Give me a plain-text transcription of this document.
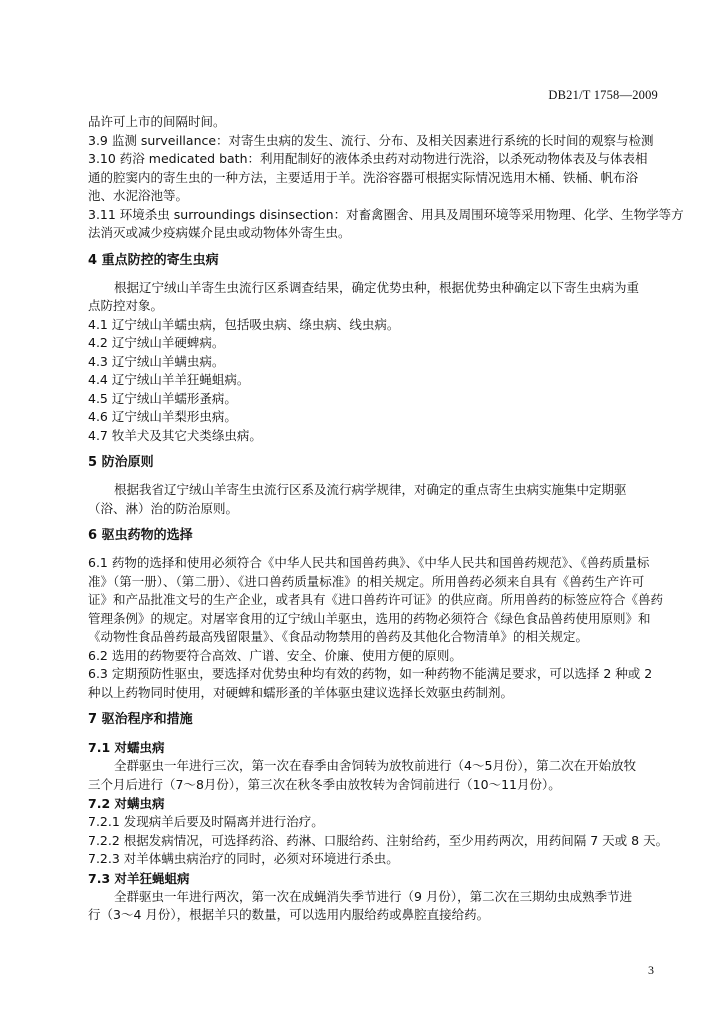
DB21/T 1758—2009

品许可上市的间隔时间。

3.9 监测 surveillance：对寄生虫病的发生、流行、分布、及相关因素进行系统的长时间的观察与检测

3.10 药浴 medicated bath：利用配制好的液体杀虫药对动物进行洗浴，以杀死动物体表及与体表相

通的腔窦内的寄生虫的一种方法，主要适用于羊。洗浴容器可根据实际情况选用木桶、铁桶、帆布浴

池、水泥浴池等。

3.11 环境杀虫 surroundings disinsection：对畜禽圈舍、用具及周围环境等采用物理、化学、生物学等方

法消灭或减少疫病媒介昆虫或动物体外寄生虫。

4 重点防控的寄生虫病

根据辽宁绒山羊寄生虫流行区系调查结果，确定优势虫种，根据优势虫种确定以下寄生虫病为重

点防控对象。

4.1 辽宁绒山羊蠕虫病，包括吸虫病、绦虫病、线虫病。

4.2 辽宁绒山羊硬蜱病。

4.3 辽宁绒山羊螨虫病。

4.4 辽宁绒山羊羊狂蝇蛆病。

4.5 辽宁绒山羊蠕形蚤病。

4.6 辽宁绒山羊梨形虫病。

4.7 牧羊犬及其它犬类绦虫病。

5 防治原则

根据我省辽宁绒山羊寄生虫流行区系及流行病学规律，对确定的重点寄生虫病实施集中定期驱

（浴、淋）治的防治原则。

6 驱虫药物的选择

6.1 药物的选择和使用必须符合《中华人民共和国兽药典》、《中华人民共和国兽药规范》、《兽药质量标

准》（第一册）、（第二册）、《进口兽药质量标准》的相关规定。所用兽药必须来自具有《兽药生产许可

证》和产品批准文号的生产企业，或者具有《进口兽药许可证》的供应商。所用兽药的标签应符合《兽药

管理条例》的规定。对屠宰食用的辽宁绒山羊驱虫，选用的药物必须符合《绿色食品兽药使用原则》和

《动物性食品兽药最高残留限量》、《食品动物禁用的兽药及其他化合物清单》的相关规定。

6.2 选用的药物要符合高效、广谱、安全、价廉、使用方便的原则。

6.3 定期预防性驱虫，要选择对优势虫种均有效的药物，如一种药物不能满足要求，可以选择 2 种或 2

种以上药物同时使用，对硬蜱和蠕形蚤的羊体驱虫建议选择长效驱虫药制剂。

7 驱治程序和措施

7.1 对蠕虫病

全群驱虫一年进行三次，第一次在春季由舍饲转为放牧前进行（4～5月份），第二次在开始放牧

三个月后进行（7～8月份），第三次在秋冬季由放牧转为舍饲前进行（10～11月份）。

7.2 对螨虫病

7.2.1 发现病羊后要及时隔离并进行治疗。

7.2.2 根据发病情况，可选择药浴、药淋、口服给药、注射给药，至少用药两次，用药间隔 7 天或 8 天。

7.2.3 对羊体螨虫病治疗的同时，必须对环境进行杀虫。

7.3 对羊狂蝇蛆病

全群驱虫一年进行两次，第一次在成蝇消失季节进行（9 月份），第二次在三期幼虫成熟季节进

行（3～4 月份），根据羊只的数量，可以选用内服给药或鼻腔直接给药。

3
